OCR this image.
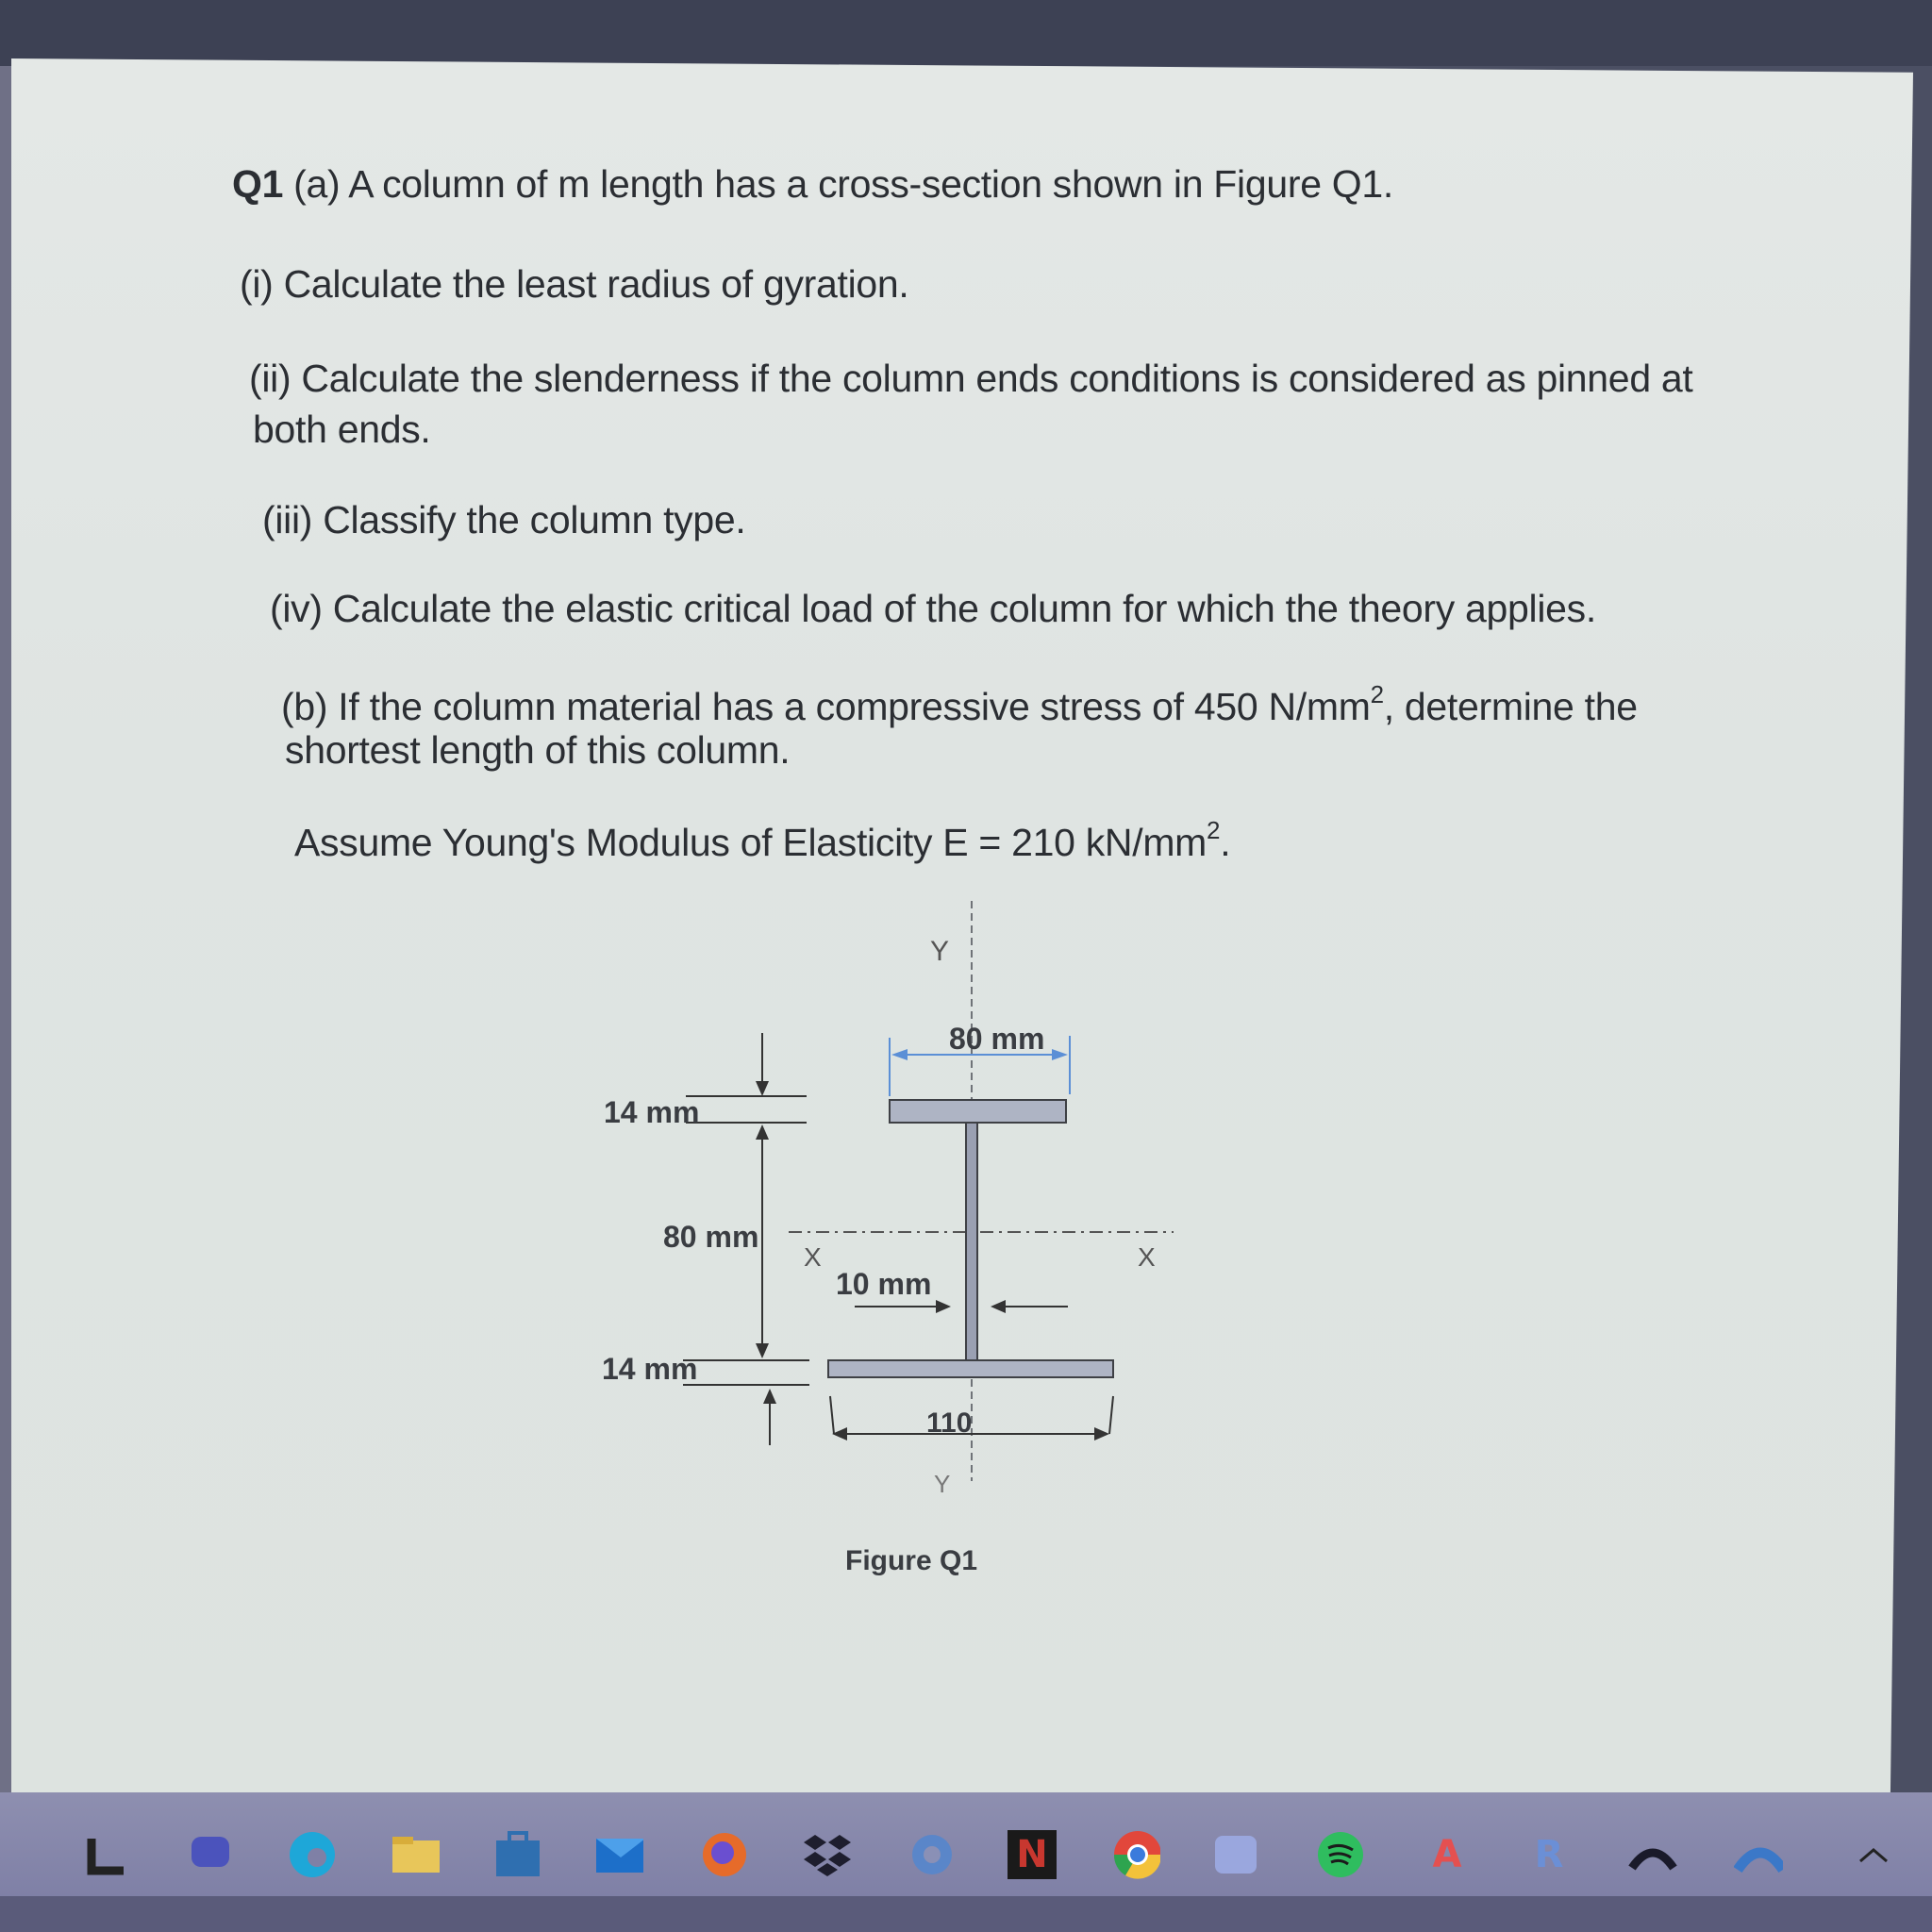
Q1 (a) A column of m length has a cross-section shown in Figure Q1.
(i) Calculate the least radius of gyration.
(ii) Calculate the slenderness if the column ends conditions is considered as pinned at
both ends.
(iii) Classify the column type.
(iv) Calculate the elastic critical load of the column for which the theory applies.
(b) If the column material has a compressive stress of 450 $N/mm^2$, determine the
shortest length of this column.
Assume Young's Modulus of Elasticity E = 210 $kN/mm^2$.
Y
Y
X	X
80 mm
14 mm
80 mm
14 mm
10 mm
110
Figure Q1
N	A R
